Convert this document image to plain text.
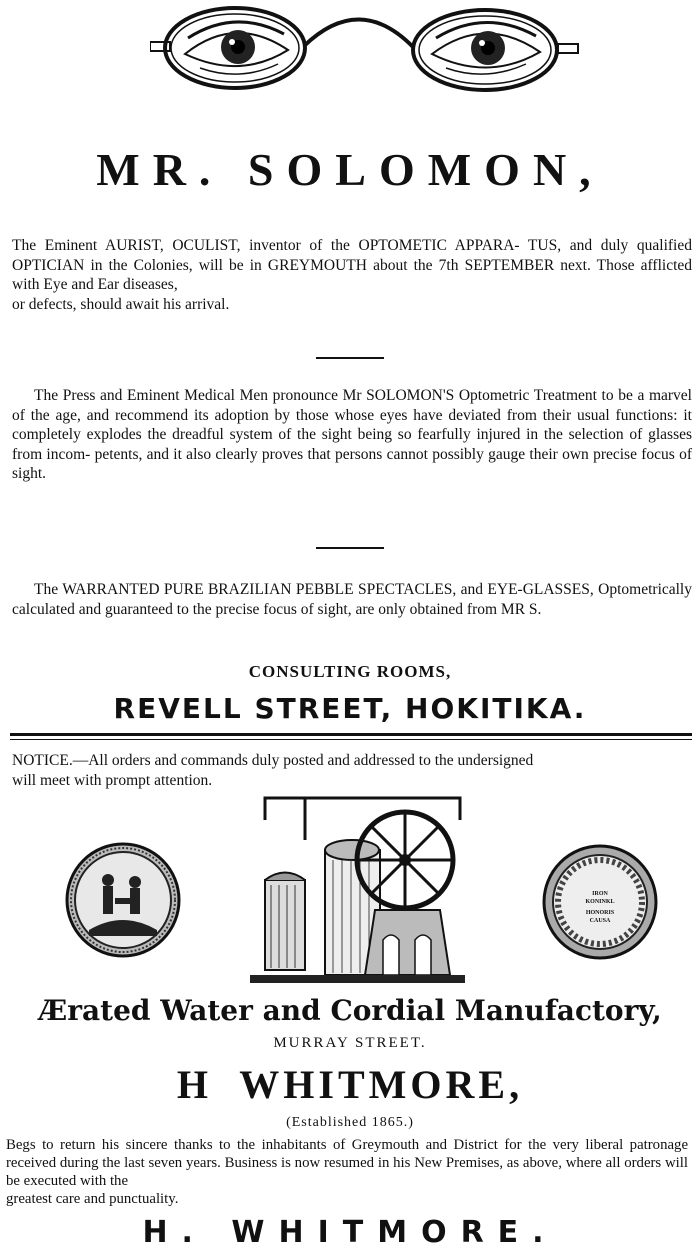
MR. SOLOMON,
The Eminent AURIST, OCULIST, inventor of the OPTOMETIC APPARA- TUS, and duly qualified OPTICIAN in the Colonies, will be in GREYMOUTH about the 7th SEPTEMBER next. Those afflicted with Eye and Ear diseases,
or defects, should await his arrival.
The Press and Eminent Medical Men pronounce Mr SOLOMON'S Optometric Treatment to be a marvel of the age, and recommend its adoption by those whose eyes have deviated from their usual functions: it completely explodes the dreadful system of the sight being so fearfully injured in the selection of glasses from incom- petents, and it also clearly proves that persons cannot possibly gauge their own precise focus of sight.
The WARRANTED PURE BRAZILIAN PEBBLE SPECTACLES, and EYE-GLASSES, Optometrically calculated and guaranteed to the precise focus of sight, are only obtained from MR S.
CONSULTING ROOMS,
REVELL STREET, HOKITIKA.
NOTICE.—All orders and commands duly posted and addressed to the undersigned
will meet with prompt attention.
IRON
KONINKL
HONORIS
CAUSA
Ærated Water and Cordial Manufactory,
MURRAY STREET.
H  WHITMORE,
(Established 1865.)
Begs to return his sincere thanks to the inhabitants of Greymouth and District for the very liberal patronage received during the last seven years. Business is now resumed in his New Premises, as above, where all orders will be executed with the
greatest care and punctuality.
H. WHITMORE.
